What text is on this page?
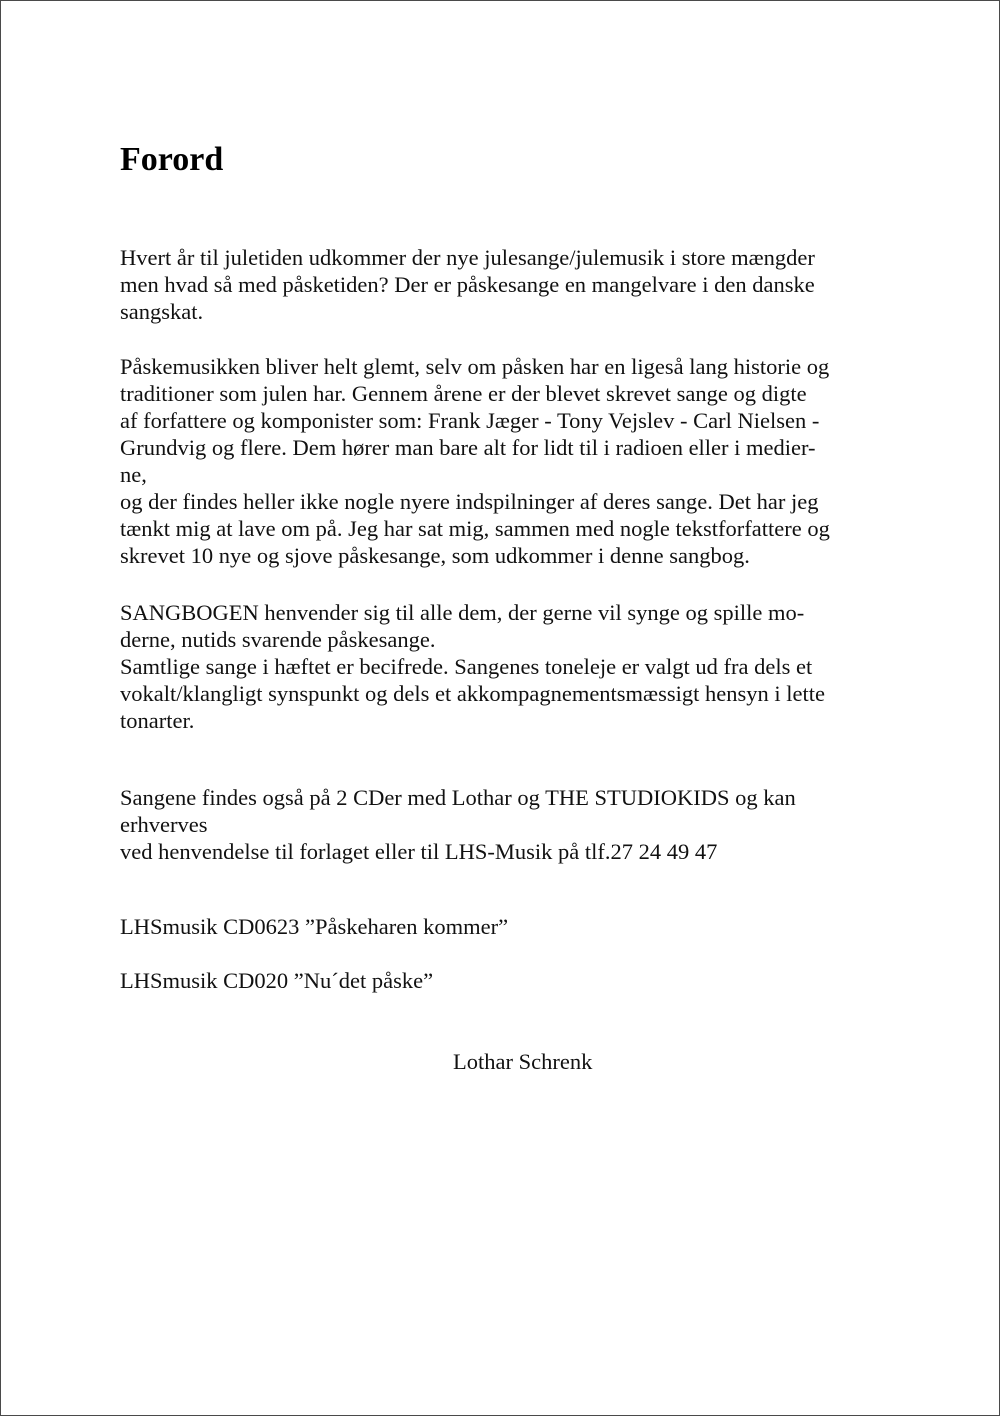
Forord

Hvert år til juletiden udkommer der nye julesange/julemusik i store mængder

men hvad så med påsketiden? Der er påskesange en mangelvare i den danske

sangskat.

Påskemusikken bliver helt glemt, selv om påsken har en ligeså lang historie og

traditioner som julen har. Gennem årene er der blevet skrevet sange og digte

af forfattere og komponister som: Frank Jæger - Tony Vejslev - Carl Nielsen -

Grundvig og flere. Dem hører man bare alt for lidt til i radioen eller i medier-

ne,

og der findes heller ikke nogle nyere indspilninger af deres sange. Det har jeg

tænkt mig at lave om på. Jeg har sat mig, sammen med nogle tekstforfattere og

skrevet 10 nye og sjove påskesange, som udkommer i denne sangbog.

SANGBOGEN henvender sig til alle dem, der gerne vil synge og spille mo-

derne, nutids svarende påskesange.

Samtlige sange i hæftet er becifrede. Sangenes toneleje er valgt ud fra dels et

vokalt/klangligt synspunkt og dels et akkompagnementsmæssigt hensyn i lette

tonarter.

Sangene findes også på 2 CDer med Lothar og THE STUDIOKIDS og kan

erhverves

ved henvendelse til forlaget eller til LHS-Musik på tlf.27 24 49 47

LHSmusik CD0623 ”Påskeharen kommer”

LHSmusik CD020 ”Nu´det påske”

Lothar Schrenk
